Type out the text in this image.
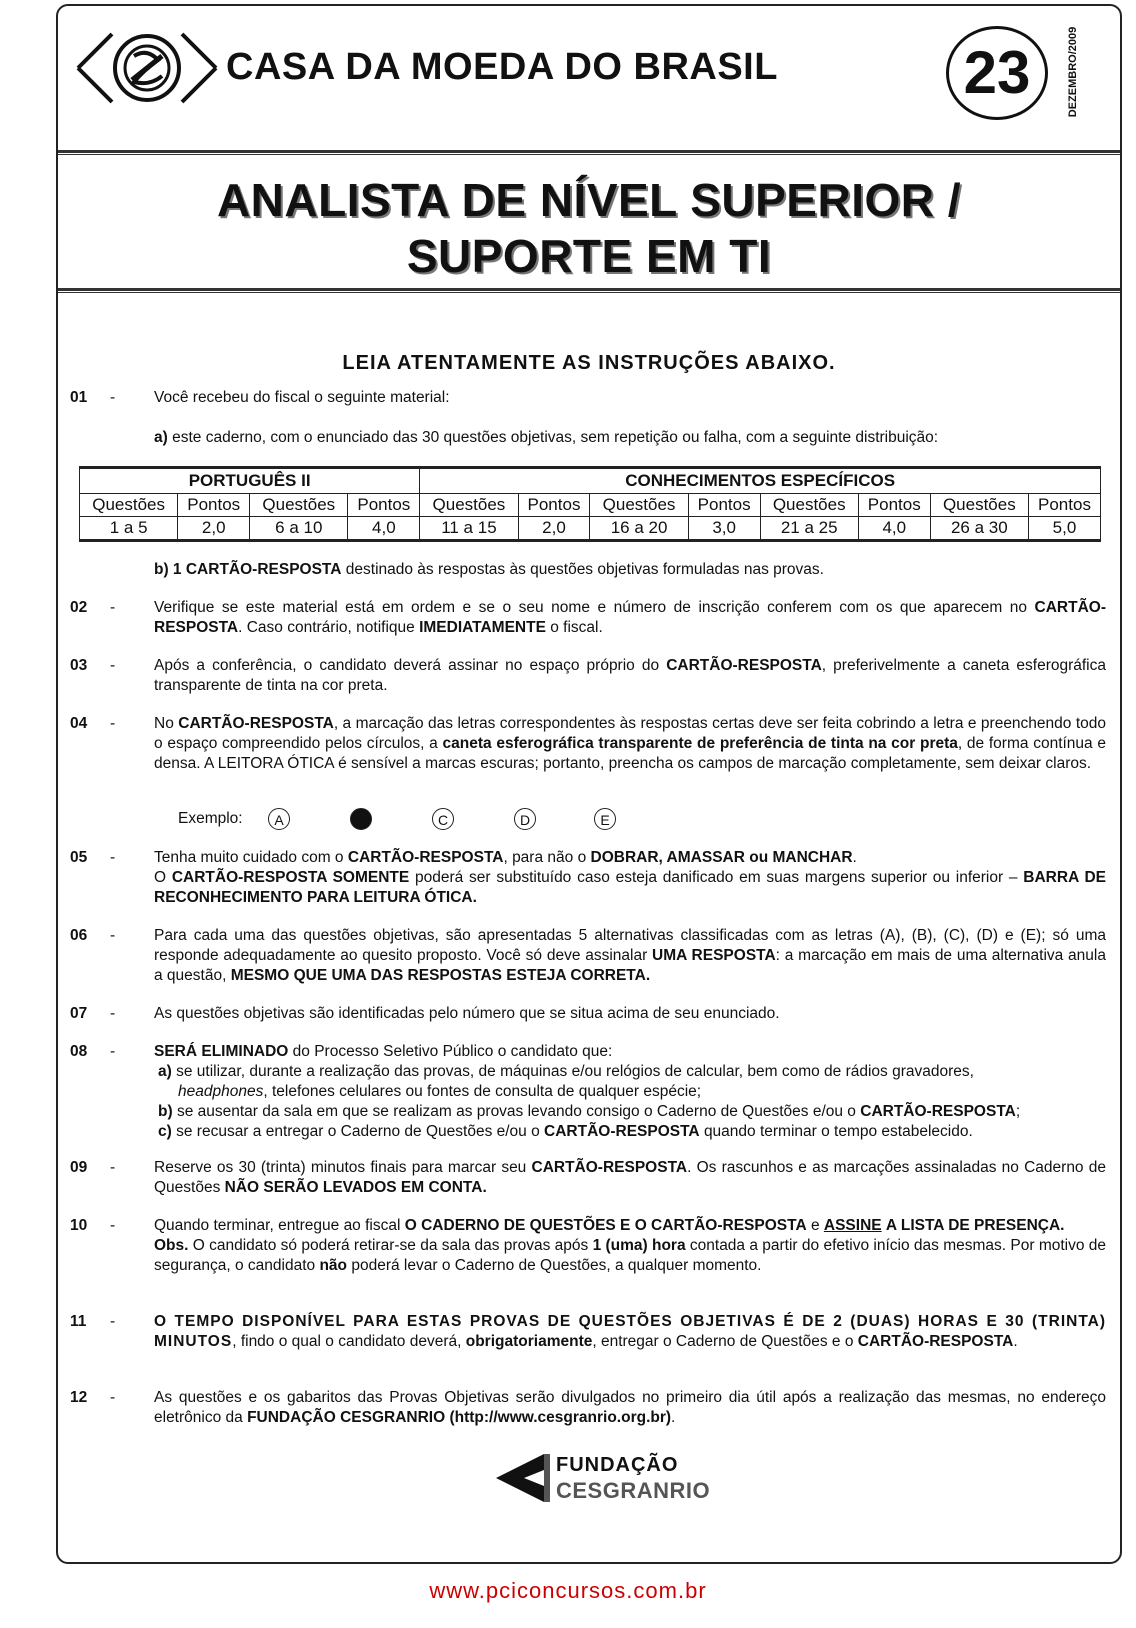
CASA DA MOEDA DO BRASIL	23	DEZEMBRO/2009
ANALISTA DE NÍVEL SUPERIOR /
SUPORTE EM TI
LEIA ATENTAMENTE AS INSTRUÇÕES ABAIXO.
01 -	Você recebeu do fiscal o seguinte material:
a) este caderno, com o enunciado das 30 questões objetivas, sem repetição ou falha, com a seguinte distribuição:
PORTUGUÊS II				CONHECIMENTOS ESPECÍFICOS							
Questões	Pontos	Questões	Pontos	Questões	Pontos	Questões	Pontos	Questões	Pontos	Questões	Pontos
1 a 5	2,0	6 a 10	4,0	11 a 15	2,0	16 a 20	3,0	21 a 25	4,0	26 a 30	5,0
b) 1 CARTÃO-RESPOSTA destinado às respostas às questões objetivas formuladas nas provas.
02 -	Verifique se este material está em ordem e se o seu nome e número de inscrição conferem com os que aparecem no CARTÃO-RESPOSTA. Caso contrário, notifique IMEDIATAMENTE o fiscal.
03 -	Após a conferência, o candidato deverá assinar no espaço próprio do CARTÃO-RESPOSTA, preferivelmente a caneta esferográfica transparente de tinta na cor preta.
04 -	No CARTÃO-RESPOSTA, a marcação das letras correspondentes às respostas certas deve ser feita cobrindo a letra e preenchendo todo o espaço compreendido pelos círculos, a caneta esferográfica transparente de preferência de tinta na cor preta, de forma contínua e densa. A LEITORA ÓTICA é sensível a marcas escuras; portanto, preencha os campos de marcação completamente, sem deixar claros.
Exemplo:	A	C	D	E
05 -	Tenha muito cuidado com o CARTÃO-RESPOSTA, para não o DOBRAR, AMASSAR ou MANCHAR.
O CARTÃO-RESPOSTA SOMENTE poderá ser substituído caso esteja danificado em suas margens superior ou inferior – BARRA DE RECONHECIMENTO PARA LEITURA ÓTICA.
06 -	Para cada uma das questões objetivas, são apresentadas 5 alternativas classificadas com as letras (A), (B), (C), (D) e (E); só uma responde adequadamente ao quesito proposto. Você só deve assinalar UMA RESPOSTA: a marcação em mais de uma alternativa anula a questão, MESMO QUE UMA DAS RESPOSTAS ESTEJA CORRETA.
07 -	As questões objetivas são identificadas pelo número que se situa acima de seu enunciado.
08 -	SERÁ ELIMINADO do Processo Seletivo Público o candidato que:
a) se utilizar, durante a realização das provas, de máquinas e/ou relógios de calcular, bem como de rádios gravadores,
headphones, telefones celulares ou fontes de consulta de qualquer espécie;
b) se ausentar da sala em que se realizam as provas levando consigo o Caderno de Questões e/ou o CARTÃO-RESPOSTA;
c) se recusar a entregar o Caderno de Questões e/ou o CARTÃO-RESPOSTA quando terminar o tempo estabelecido.
09 -	Reserve os 30 (trinta) minutos finais para marcar seu CARTÃO-RESPOSTA. Os rascunhos e as marcações assinaladas no Caderno de Questões NÃO SERÃO LEVADOS EM CONTA.
10 -	Quando terminar, entregue ao fiscal O CADERNO DE QUESTÕES E O CARTÃO-RESPOSTA e ASSINE A LISTA DE PRESENÇA.
Obs. O candidato só poderá retirar-se da sala das provas após 1 (uma) hora contada a partir do efetivo início das mesmas. Por motivo de segurança, o candidato não poderá levar o Caderno de Questões, a qualquer momento.
11 -	O TEMPO DISPONÍVEL PARA ESTAS PROVAS DE QUESTÕES OBJETIVAS É DE 2 (DUAS) HORAS E 30 (TRINTA) MINUTOS, findo o qual o candidato deverá, obrigatoriamente, entregar o Caderno de Questões e o CARTÃO-RESPOSTA.
12 -	As questões e os gabaritos das Provas Objetivas serão divulgados no primeiro dia útil após a realização das mesmas, no endereço eletrônico da FUNDAÇÃO CESGRANRIO (http://www.cesgranrio.org.br).
FUNDAÇÃO
CESGRANRIO
www.pciconcursos.com.br
